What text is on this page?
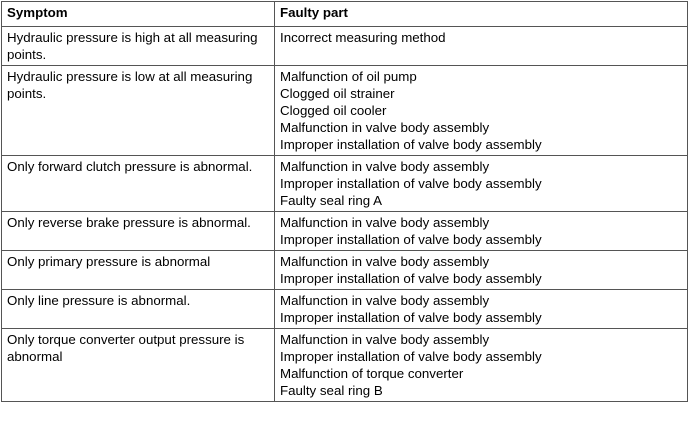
Symptom	Faulty part

Hydraulic pressure is high at all measuring points.	Incorrect measuring method

Hydraulic pressure is low at all measuring points.	Malfunction of oil pump
Clogged oil strainer
Clogged oil cooler
Malfunction in valve body assembly
Improper installation of valve body assembly

Only forward clutch pressure is abnormal.	Malfunction in valve body assembly
Improper installation of valve body assembly
Faulty seal ring A

Only reverse brake pressure is abnormal.	Malfunction in valve body assembly
Improper installation of valve body assembly

Only primary pressure is abnormal	Malfunction in valve body assembly
Improper installation of valve body assembly

Only line pressure is abnormal.	Malfunction in valve body assembly
Improper installation of valve body assembly

Only torque converter output pressure is abnormal	Malfunction in valve body assembly
Improper installation of valve body assembly
Malfunction of torque converter
Faulty seal ring B
